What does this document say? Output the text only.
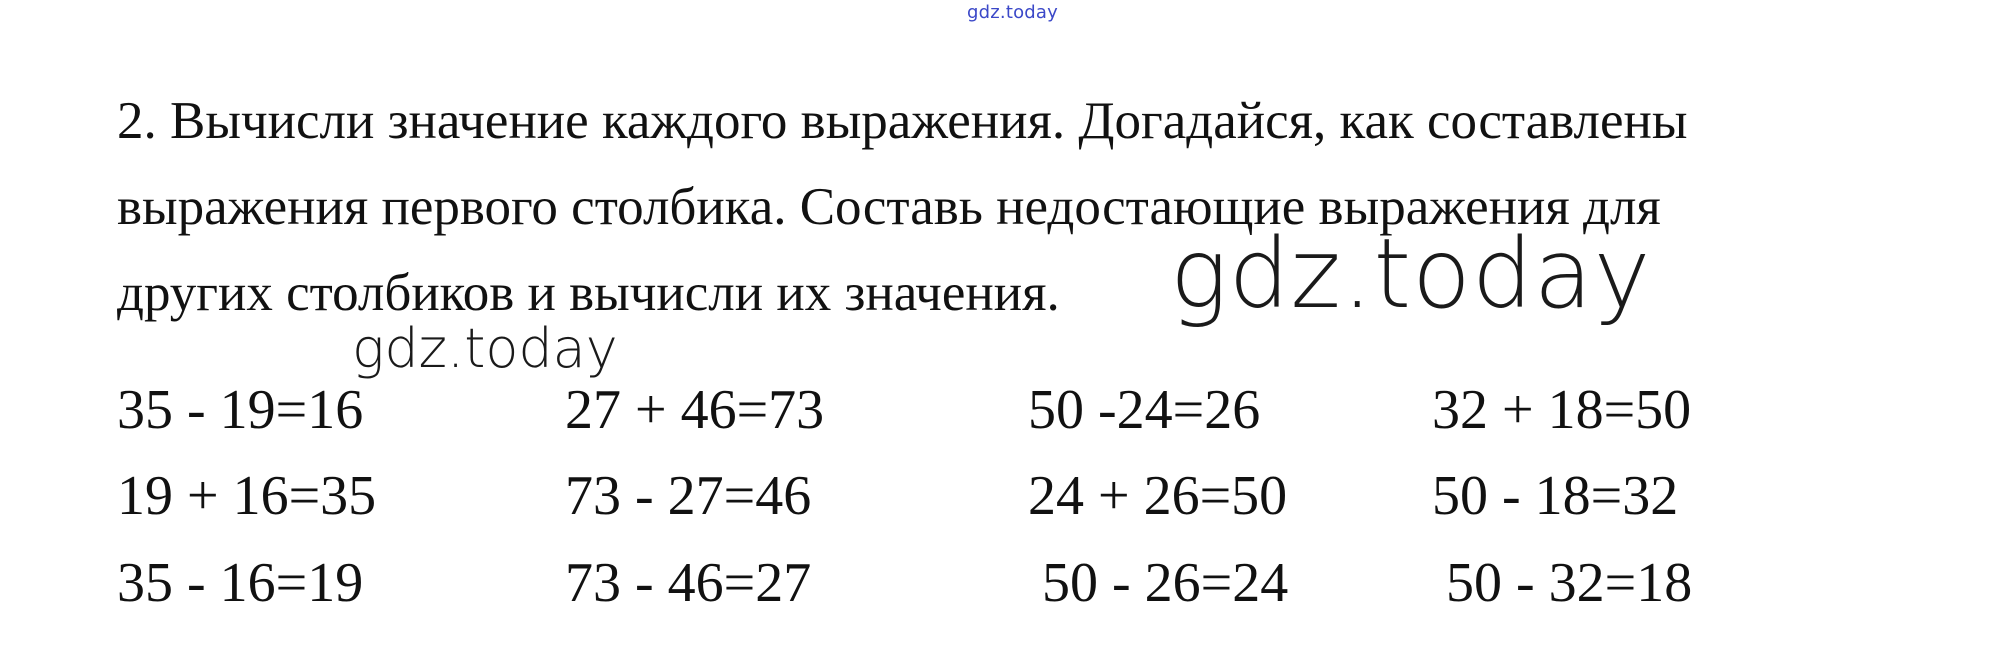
gdz.today
2. Вычисли значение каждого выражения. Догадайся, как составлены
выражения первого столбика. Составь недостающие выражения для
других столбиков и вычисли их значения.	gdz.today
gdz.today
35 - 19=16
19 + 16=35
35 - 16=19
27 + 46=73
73 - 27=46
73 - 46=27
50 -24=26
24 + 26=50
50 - 26=24
32 + 18=50
50 - 18=32
50 - 32=18
